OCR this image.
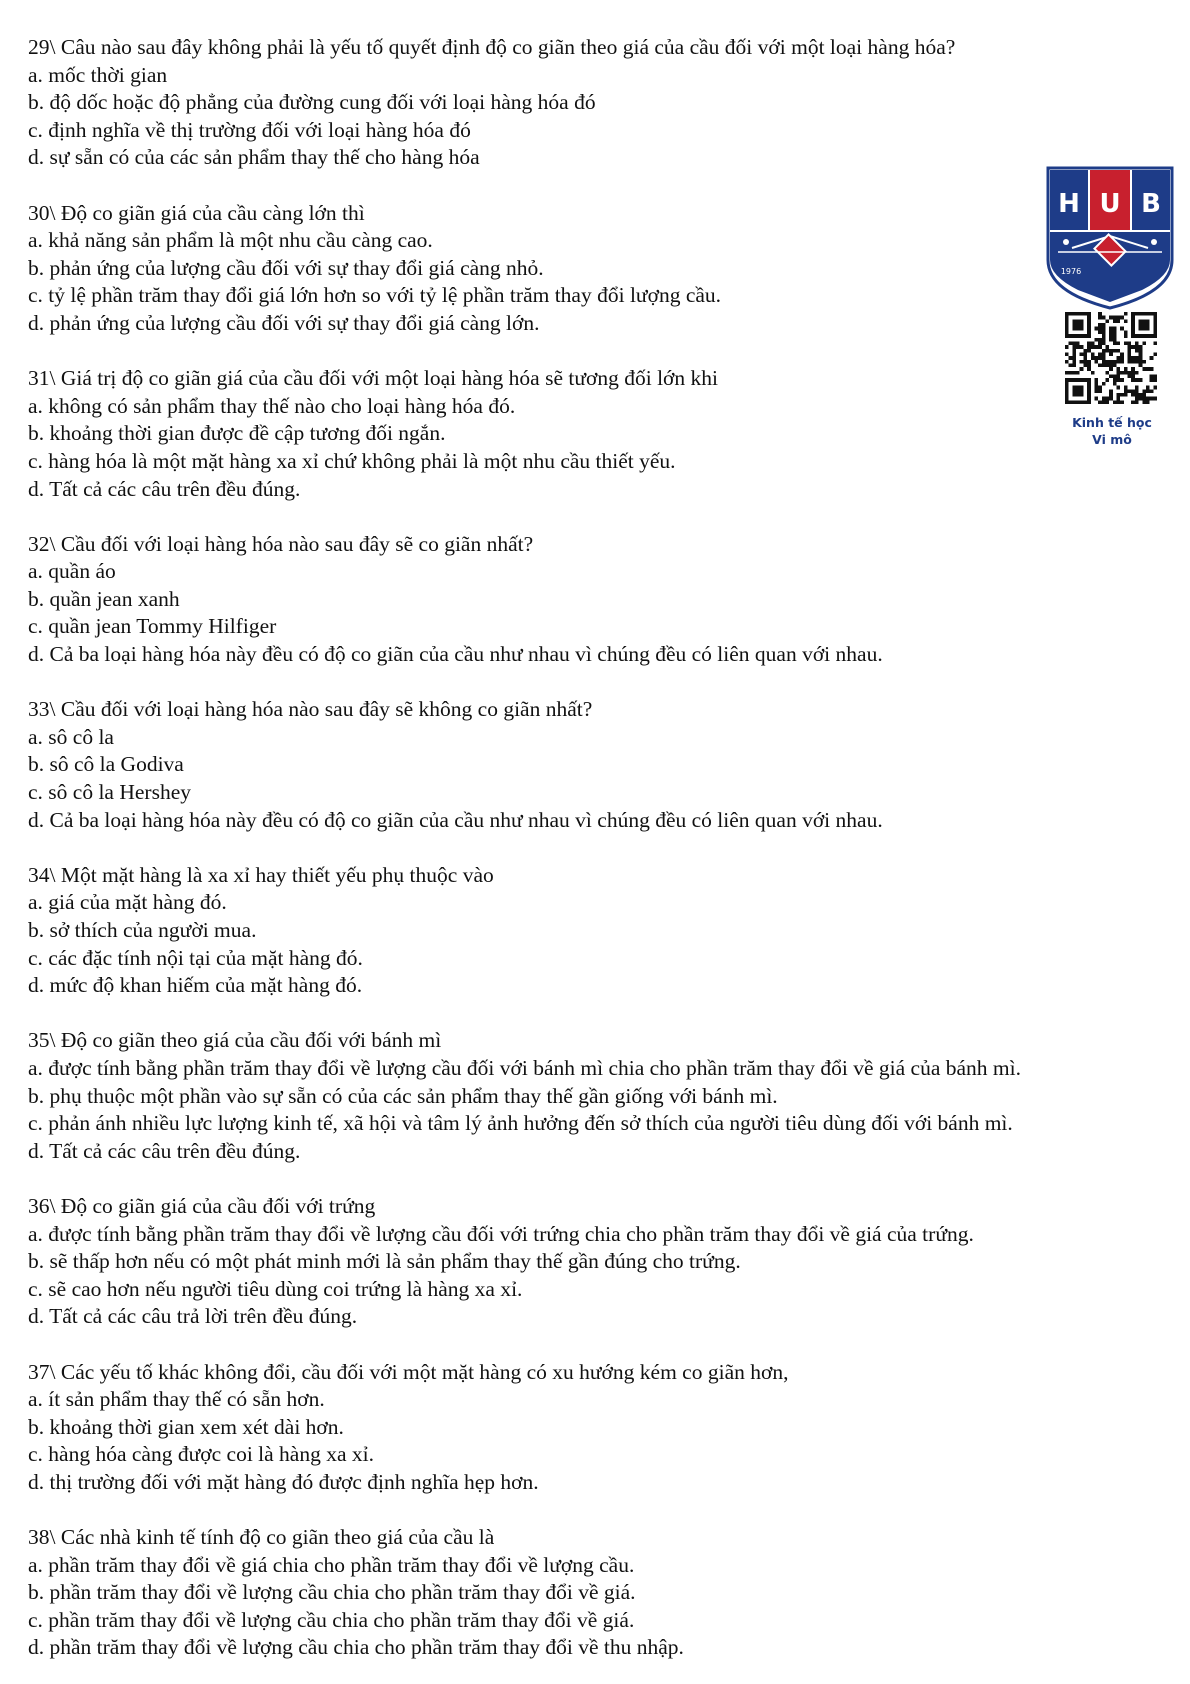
29\ Câu nào sau đây không phải là yếu tố quyết định độ co giãn theo giá của cầu đối với một loại hàng hóa?
a. mốc thời gian
b. độ dốc hoặc độ phẳng của đường cung đối với loại hàng hóa đó
c. định nghĩa về thị trường đối với loại hàng hóa đó
d. sự sẵn có của các sản phẩm thay thế cho hàng hóa
30\ Độ co giãn giá của cầu càng lớn thì
a. khả năng sản phẩm là một nhu cầu càng cao.
b. phản ứng của lượng cầu đối với sự thay đổi giá càng nhỏ.
c. tỷ lệ phần trăm thay đổi giá lớn hơn so với tỷ lệ phần trăm thay đổi lượng cầu.
d. phản ứng của lượng cầu đối với sự thay đổi giá càng lớn.
31\ Giá trị độ co giãn giá của cầu đối với một loại hàng hóa sẽ tương đối lớn khi
a. không có sản phẩm thay thế nào cho loại hàng hóa đó.
b. khoảng thời gian được đề cập tương đối ngắn.
c. hàng hóa là một mặt hàng xa xỉ chứ không phải là một nhu cầu thiết yếu.
d. Tất cả các câu trên đều đúng.
32\ Cầu đối với loại hàng hóa nào sau đây sẽ co giãn nhất?
a. quần áo
b. quần jean xanh
c. quần jean Tommy Hilfiger
d. Cả ba loại hàng hóa này đều có độ co giãn của cầu như nhau vì chúng đều có liên quan với nhau.
33\ Cầu đối với loại hàng hóa nào sau đây sẽ không co giãn nhất?
a. sô cô la
b. sô cô la Godiva
c. sô cô la Hershey
d. Cả ba loại hàng hóa này đều có độ co giãn của cầu như nhau vì chúng đều có liên quan với nhau.
34\ Một mặt hàng là xa xỉ hay thiết yếu phụ thuộc vào
a. giá của mặt hàng đó.
b. sở thích của người mua.
c. các đặc tính nội tại của mặt hàng đó.
d. mức độ khan hiếm của mặt hàng đó.
35\ Độ co giãn theo giá của cầu đối với bánh mì
a. được tính bằng phần trăm thay đổi về lượng cầu đối với bánh mì chia cho phần trăm thay đổi về giá của bánh mì.
b. phụ thuộc một phần vào sự sẵn có của các sản phẩm thay thế gần giống với bánh mì.
c. phản ánh nhiều lực lượng kinh tế, xã hội và tâm lý ảnh hưởng đến sở thích của người tiêu dùng đối với bánh mì.
d. Tất cả các câu trên đều đúng.
36\ Độ co giãn giá của cầu đối với trứng
a. được tính bằng phần trăm thay đổi về lượng cầu đối với trứng chia cho phần trăm thay đổi về giá của trứng.
b. sẽ thấp hơn nếu có một phát minh mới là sản phẩm thay thế gần đúng cho trứng.
c. sẽ cao hơn nếu người tiêu dùng coi trứng là hàng xa xỉ.
d. Tất cả các câu trả lời trên đều đúng.
37\ Các yếu tố khác không đổi, cầu đối với một mặt hàng có xu hướng kém co giãn hơn,
a. ít sản phẩm thay thế có sẵn hơn.
b. khoảng thời gian xem xét dài hơn.
c. hàng hóa càng được coi là hàng xa xỉ.
d. thị trường đối với mặt hàng đó được định nghĩa hẹp hơn.
38\ Các nhà kinh tế tính độ co giãn theo giá của cầu là
a. phần trăm thay đổi về giá chia cho phần trăm thay đổi về lượng cầu.
b. phần trăm thay đổi về lượng cầu chia cho phần trăm thay đổi về giá.
c. phần trăm thay đổi về lượng cầu chia cho phần trăm thay đổi về giá.
d. phần trăm thay đổi về lượng cầu chia cho phần trăm thay đổi về thu nhập.
H U B
1976
Kinh tế học
Vi mô
